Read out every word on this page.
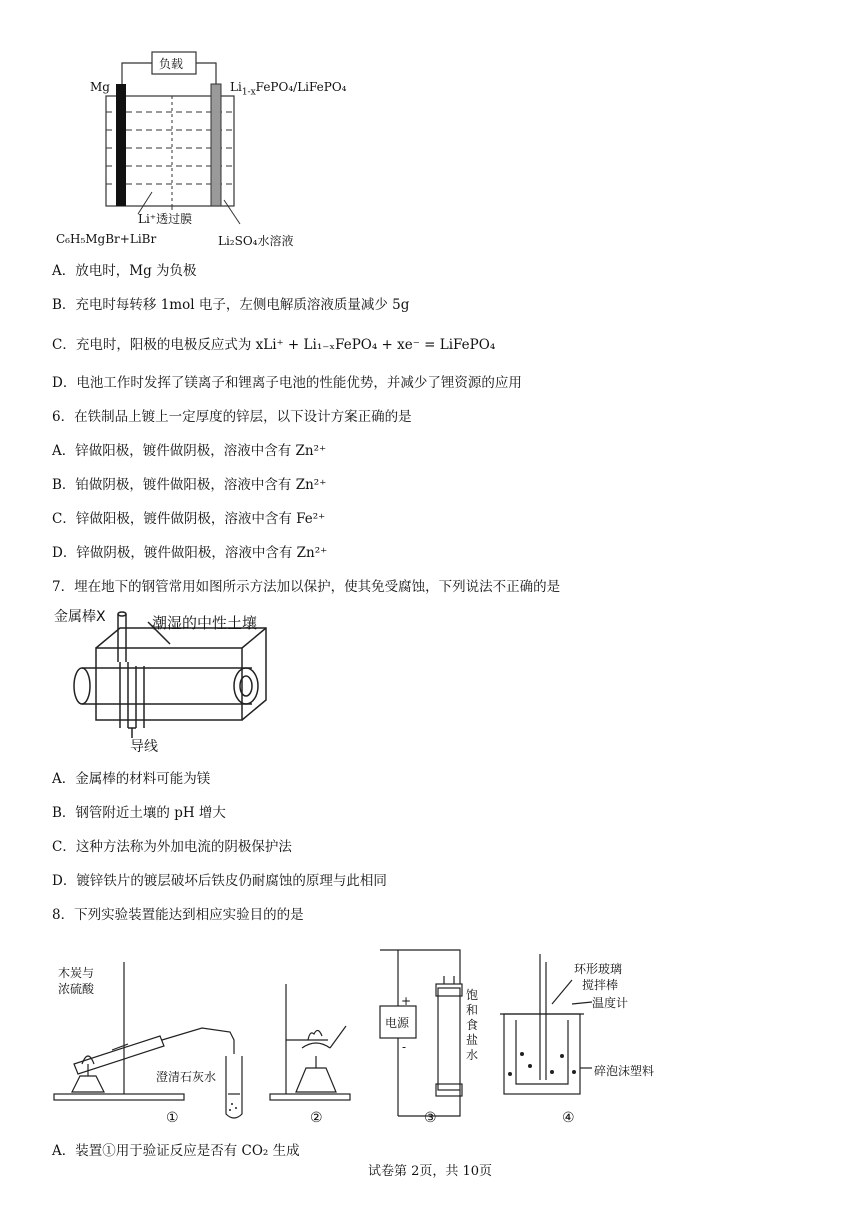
负载
Mg	$Li_{1-x}FePO_4$/LiFePO₄
Li⁺透过膜
C₆H₅MgBr+LiBr	Li₂SO₄水溶液
A．放电时，Mg 为负极
B．充电时每转移 1mol 电子，左侧电解质溶液质量减少 5g
C．充电时，阳极的电极反应式为 xLi⁺ + Li₁₋ₓFePO₄ + xe⁻ = LiFePO₄
D．电池工作时发挥了镁离子和锂离子电池的性能优势，并减少了锂资源的应用
6．在铁制品上镀上一定厚度的锌层，以下设计方案正确的是
A．锌做阳极，镀件做阴极，溶液中含有 Zn²⁺
B．铂做阴极，镀件做阳极，溶液中含有 Zn²⁺
C．锌做阳极，镀件做阴极，溶液中含有 Fe²⁺
D．锌做阴极，镀件做阳极，溶液中含有 Zn²⁺
7．埋在地下的钢管常用如图所示方法加以保护，使其免受腐蚀，下列说法不正确的是
金属棒X	潮湿的中性土壤
导线
A．金属棒的材料可能为镁
B．钢管附近土壤的 pH 增大
C．这种方法称为外加电流的阴极保护法
D．镀锌铁片的镀层破坏后铁皮仍耐腐蚀的原理与此相同
8．下列实验装置能达到相应实验目的的是
木炭与
浓硫酸
澄清石灰水
电源
+
-
饱
和
食
盐
水
环形玻璃
搅拌棒
温度计
碎泡沫塑料
①	②	③	④
A．装置①用于验证反应是否有 CO₂ 生成
试卷第 2页，共 10页
